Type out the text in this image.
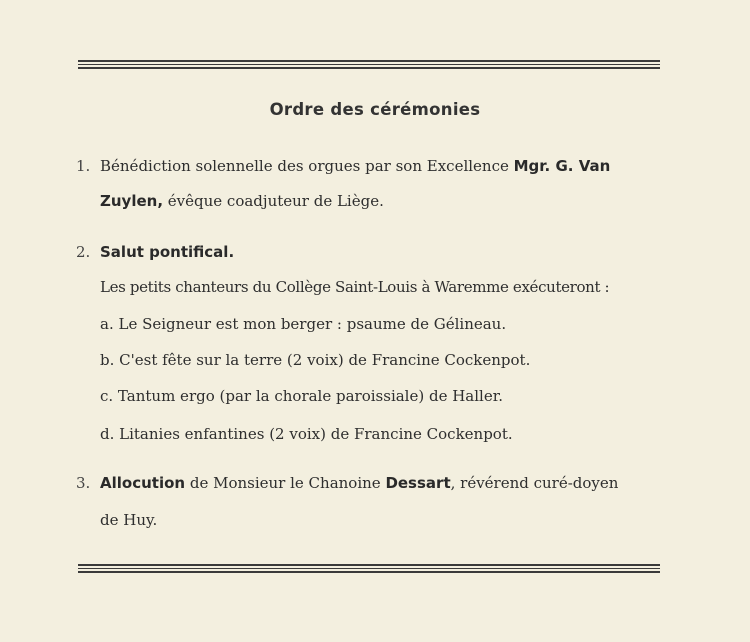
Ordre des cérémonies
1. Bénédiction solennelle des orgues par son Excellence Mgr. G. Van
Zuylen, évêque coadjuteur de Liège.
2. Salut pontifical.
Les petits chanteurs du Collège Saint-Louis à Waremme exécuteront :
a. Le Seigneur est mon berger : psaume de Gélineau.
b. C'est fête sur la terre (2 voix) de Francine Cockenpot.
c. Tantum ergo (par la chorale paroissiale) de Haller.
d. Litanies enfantines (2 voix) de Francine Cockenpot.
3. Allocution de Monsieur le Chanoine Dessart, révérend curé-doyen
de Huy.
